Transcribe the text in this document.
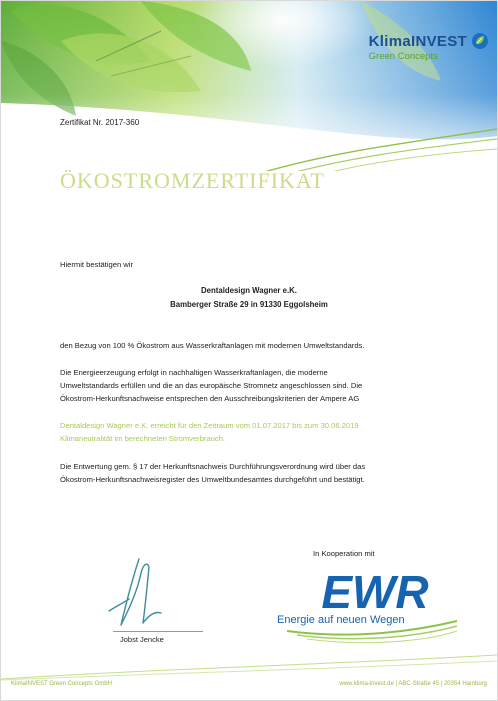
KlimaINVEST
Green Concepts
Zertifikat Nr. 2017-360
ÖKOSTROMZERTIFIKAT
Hiermit bestätigen wir
Dentaldesign Wagner e.K.
Bamberger Straße 29 in 91330 Eggolsheim
den Bezug von 100 % Ökostrom aus Wasserkraftanlagen mit modernen Umweltstandards.
Die Energieerzeugung erfolgt in nachhaltigen Wasserkraftanlagen, die moderne
Umweltstandards erfüllen und die an das europäische Stromnetz angeschlossen sind. Die
Ökostrom-Herkunftsnachweise entsprechen den Ausschreibungskriterien der Ampere AG
Dentaldesign Wagner e.K. erreicht für den Zeitraum vom 01.07.2017 bis zum 30.06.2019
Klimaneutralität im berechneten Stromverbrauch.
Die Entwertung gem. § 17 der Herkunftsnachweis Durchführungsverordnung wird über das
Ökostrom-Herkunftsnachweisregister des Umweltbundesamtes durchgeführt und bestätigt.
Jobst Jencke
In Kooperation mit
EWR
Energie auf neuen Wegen
KlimaINVEST Green Concepts GmbH	www.klima-invest.de | ABC-Straße 45 | 20354 Hamburg
